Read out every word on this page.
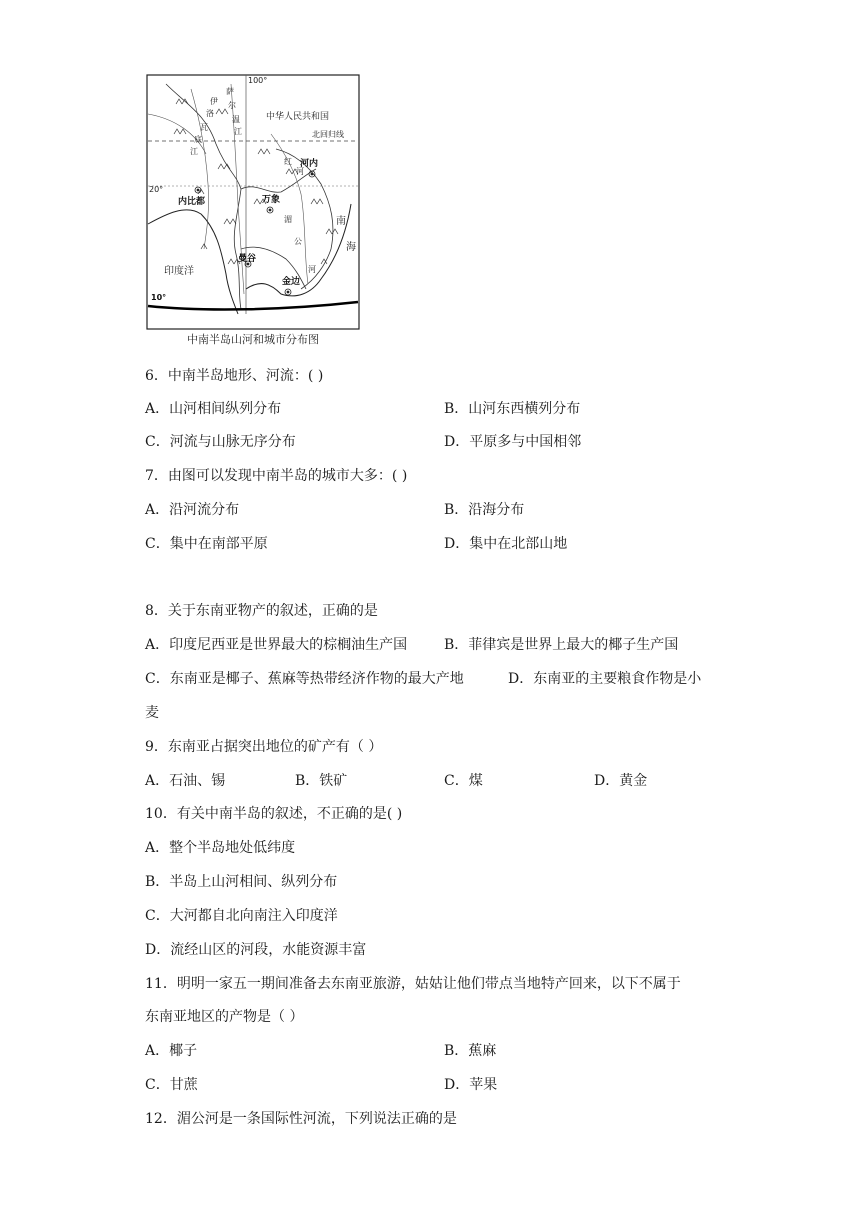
100°
北回归线
20°
中华人民共和国
伊
洛
瓦
底
江
萨
尔
温
江
红
河
湄
公
河
内比都	万象
河内
曼谷
金边
印度洋
南
海
10°
中南半岛山河和城市分布图
6．中南半岛地形、河流：( )
A．山河相间纵列分布	B．山河东西横列分布
C．河流与山脉无序分布	D．平原多与中国相邻
7．由图可以发现中南半岛的城市大多：( )
A．沿河流分布	B．沿海分布
C．集中在南部平原	D．集中在北部山地
8．关于东南亚物产的叙述，正确的是
A．印度尼西亚是世界最大的棕榈油生产国	B．菲律宾是世界上最大的椰子生产国
C．东南亚是椰子、蕉麻等热带经济作物的最大产地	D．东南亚的主要粮食作物是小
麦
9．东南亚占据突出地位的矿产有（ ）
A．石油、锡	B．铁矿	C．煤	D．黄金
10．有关中南半岛的叙述，不正确的是( )
A．整个半岛地处低纬度
B．半岛上山河相间、纵列分布
C．大河都自北向南注入印度洋
D．流经山区的河段，水能资源丰富
11．明明一家五一期间准备去东南亚旅游，姑姑让他们带点当地特产回来，以下不属于
东南亚地区的产物是（ ）
A．椰子	B．蕉麻
C．甘蔗	D．苹果
12．湄公河是一条国际性河流，下列说法正确的是
